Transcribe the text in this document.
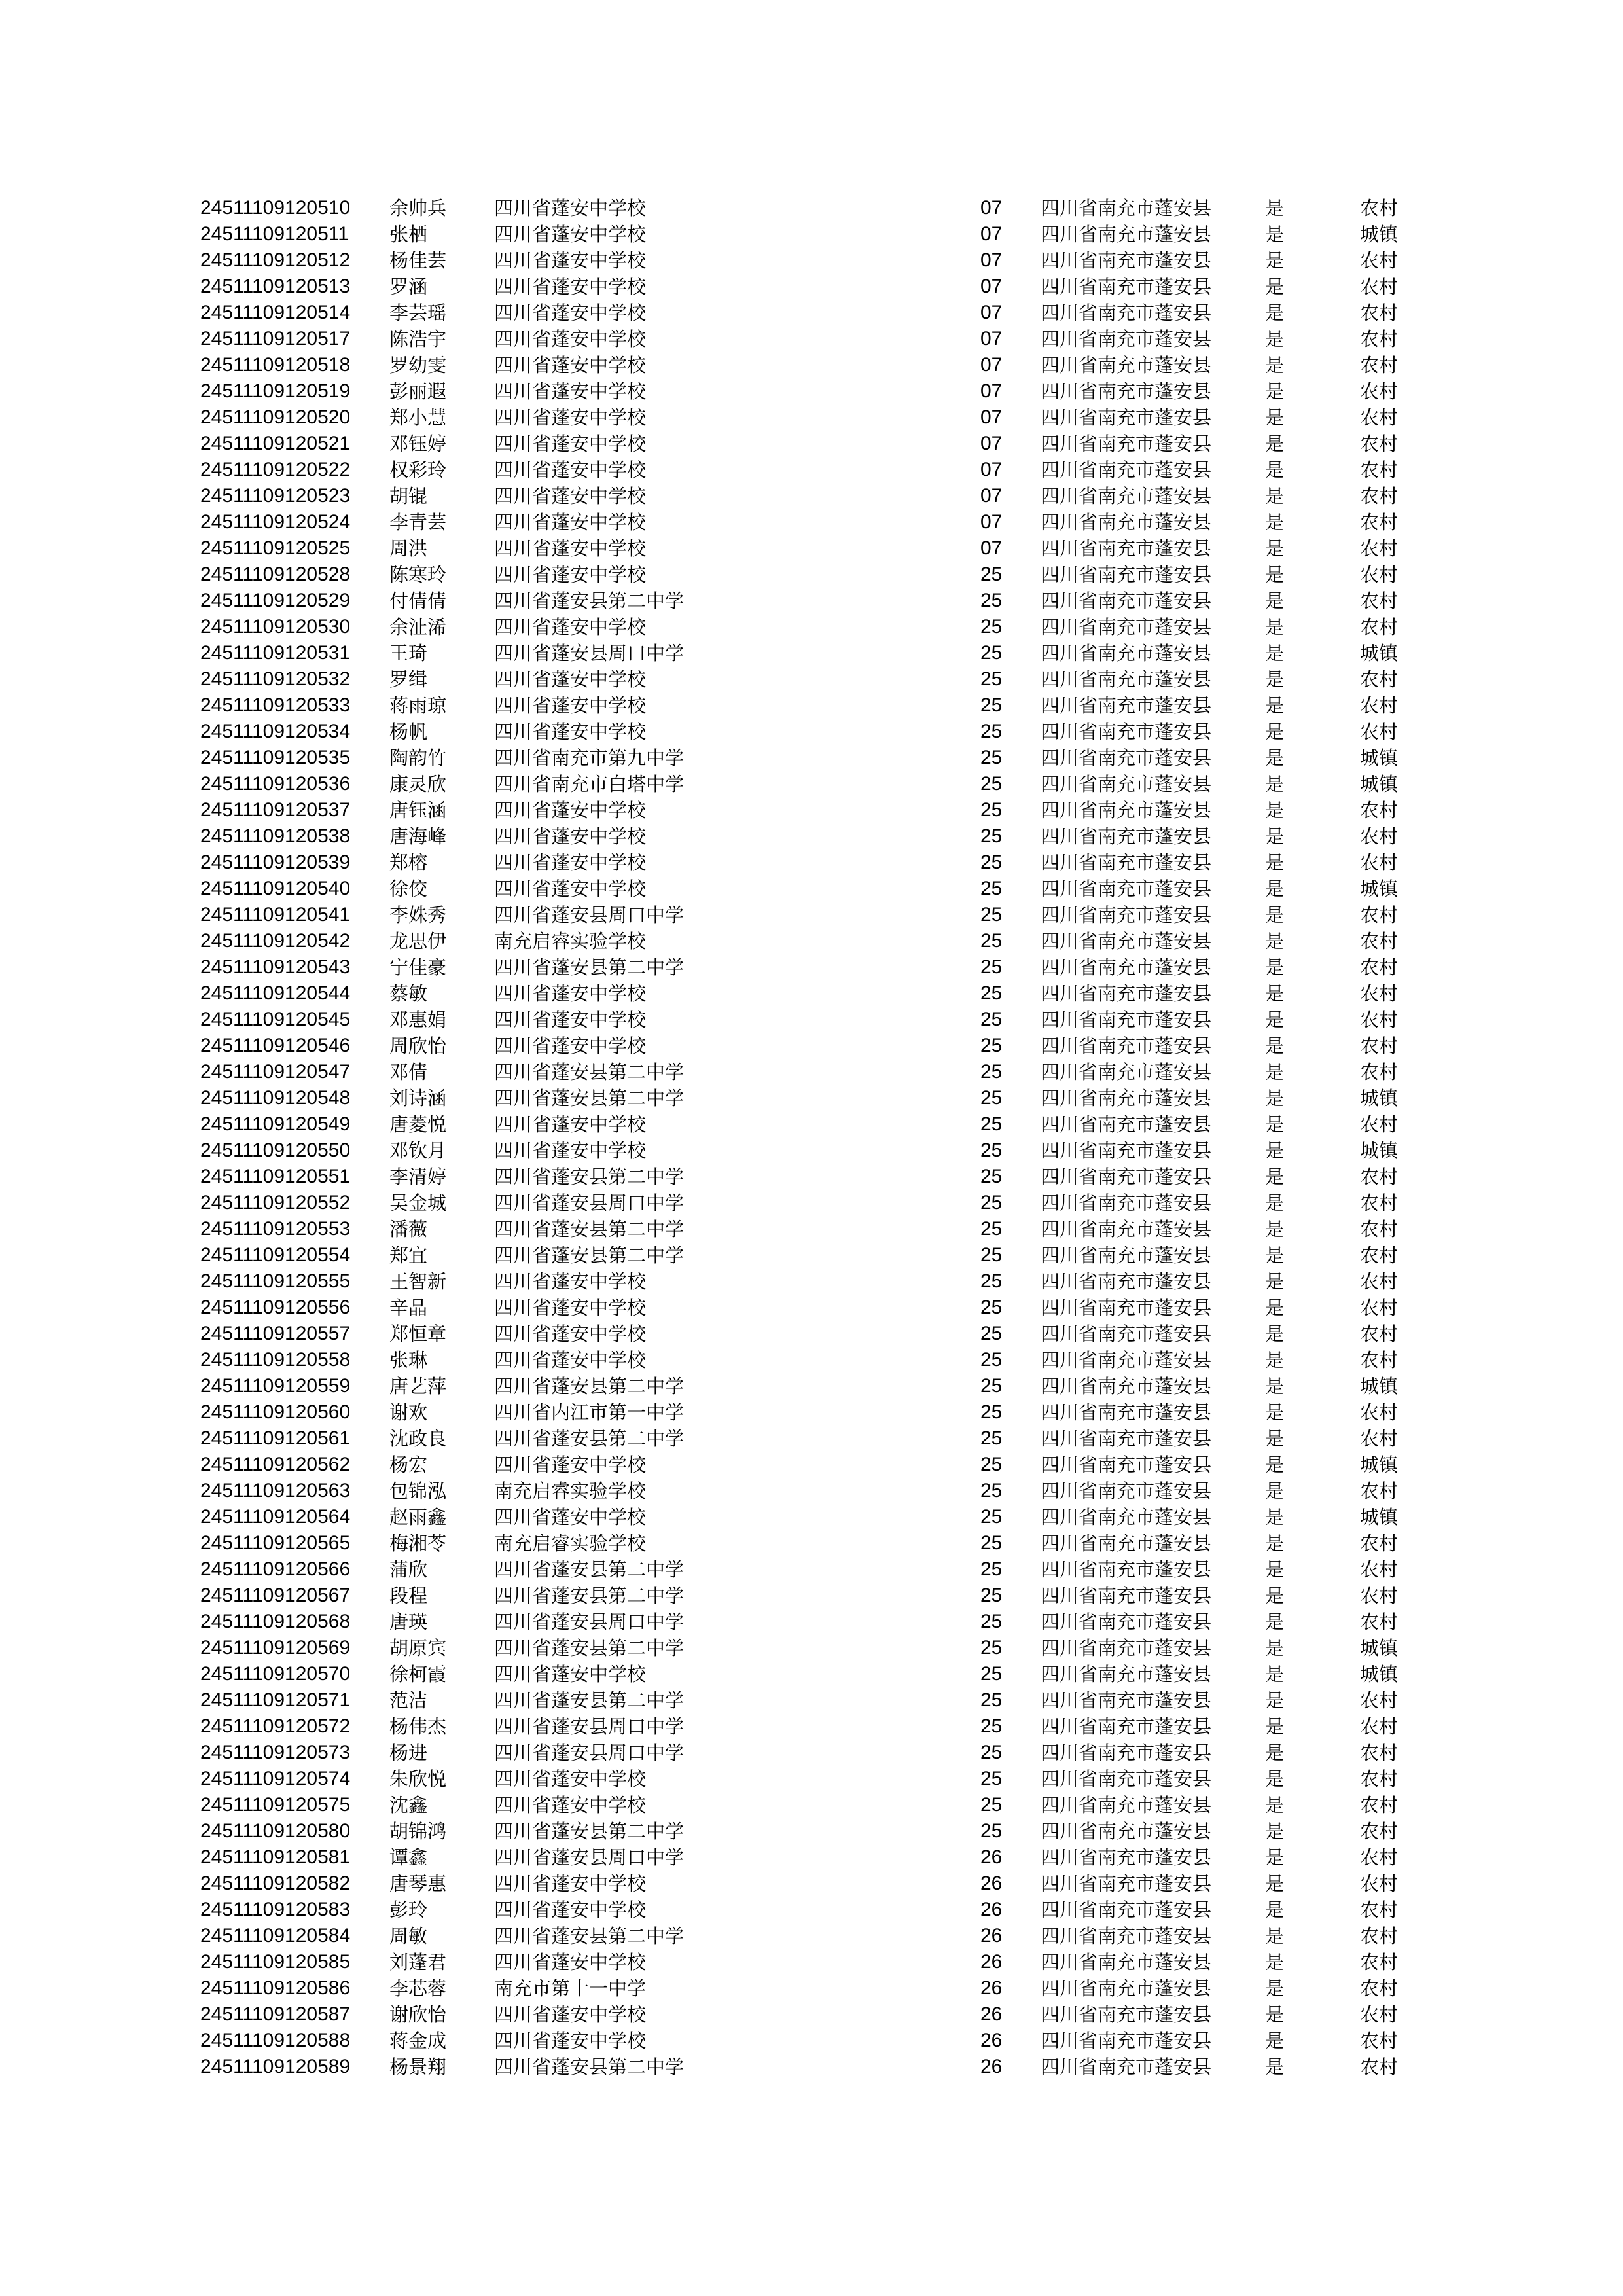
24511109120510 余帅兵	四川省蓬安中学校	07 四川省南充市蓬安县	是	农村
24511109120511 张栖	四川省蓬安中学校	07 四川省南充市蓬安县	是	城镇
24511109120512 杨佳芸	四川省蓬安中学校	07 四川省南充市蓬安县	是	农村
24511109120513 罗涵	四川省蓬安中学校	07 四川省南充市蓬安县	是	农村
24511109120514 李芸瑶	四川省蓬安中学校	07 四川省南充市蓬安县	是	农村
24511109120517 陈浩宇	四川省蓬安中学校	07 四川省南充市蓬安县	是	农村
24511109120518 罗幼雯	四川省蓬安中学校	07 四川省南充市蓬安县	是	农村
24511109120519 彭丽遐	四川省蓬安中学校	07 四川省南充市蓬安县	是	农村
24511109120520 郑小慧	四川省蓬安中学校	07 四川省南充市蓬安县	是	农村
24511109120521 邓钰婷	四川省蓬安中学校	07 四川省南充市蓬安县	是	农村
24511109120522 权彩玲	四川省蓬安中学校	07 四川省南充市蓬安县	是	农村
24511109120523 胡锟	四川省蓬安中学校	07 四川省南充市蓬安县	是	农村
24511109120524 李青芸	四川省蓬安中学校	07 四川省南充市蓬安县	是	农村
24511109120525 周洪	四川省蓬安中学校	07 四川省南充市蓬安县	是	农村
24511109120528 陈寒玲	四川省蓬安中学校	25 四川省南充市蓬安县	是	农村
24511109120529 付倩倩	四川省蓬安县第二中学	25 四川省南充市蓬安县	是	农村
24511109120530 余沚浠	四川省蓬安中学校	25 四川省南充市蓬安县	是	农村
24511109120531 王琦	四川省蓬安县周口中学	25 四川省南充市蓬安县	是	城镇
24511109120532 罗缉	四川省蓬安中学校	25 四川省南充市蓬安县	是	农村
24511109120533 蒋雨琼	四川省蓬安中学校	25 四川省南充市蓬安县	是	农村
24511109120534 杨帆	四川省蓬安中学校	25 四川省南充市蓬安县	是	农村
24511109120535 陶韵竹	四川省南充市第九中学	25 四川省南充市蓬安县	是	城镇
24511109120536 康灵欣	四川省南充市白塔中学	25 四川省南充市蓬安县	是	城镇
24511109120537 唐钰涵	四川省蓬安中学校	25 四川省南充市蓬安县	是	农村
24511109120538 唐海峰	四川省蓬安中学校	25 四川省南充市蓬安县	是	农村
24511109120539 郑榕	四川省蓬安中学校	25 四川省南充市蓬安县	是	农村
24511109120540 徐佼	四川省蓬安中学校	25 四川省南充市蓬安县	是	城镇
24511109120541 李姝秀	四川省蓬安县周口中学	25 四川省南充市蓬安县	是	农村
24511109120542 龙思伊	南充启睿实验学校	25 四川省南充市蓬安县	是	农村
24511109120543 宁佳豪	四川省蓬安县第二中学	25 四川省南充市蓬安县	是	农村
24511109120544 蔡敏	四川省蓬安中学校	25 四川省南充市蓬安县	是	农村
24511109120545 邓惠娟	四川省蓬安中学校	25 四川省南充市蓬安县	是	农村
24511109120546 周欣怡	四川省蓬安中学校	25 四川省南充市蓬安县	是	农村
24511109120547 邓倩	四川省蓬安县第二中学	25 四川省南充市蓬安县	是	农村
24511109120548 刘诗涵	四川省蓬安县第二中学	25 四川省南充市蓬安县	是	城镇
24511109120549 唐菱悦	四川省蓬安中学校	25 四川省南充市蓬安县	是	农村
24511109120550 邓钦月	四川省蓬安中学校	25 四川省南充市蓬安县	是	城镇
24511109120551 李清婷	四川省蓬安县第二中学	25 四川省南充市蓬安县	是	农村
24511109120552 吴金城	四川省蓬安县周口中学	25 四川省南充市蓬安县	是	农村
24511109120553 潘薇	四川省蓬安县第二中学	25 四川省南充市蓬安县	是	农村
24511109120554 郑宜	四川省蓬安县第二中学	25 四川省南充市蓬安县	是	农村
24511109120555 王智新	四川省蓬安中学校	25 四川省南充市蓬安县	是	农村
24511109120556 辛晶	四川省蓬安中学校	25 四川省南充市蓬安县	是	农村
24511109120557 郑恒章	四川省蓬安中学校	25 四川省南充市蓬安县	是	农村
24511109120558 张琳	四川省蓬安中学校	25 四川省南充市蓬安县	是	农村
24511109120559 唐艺萍	四川省蓬安县第二中学	25 四川省南充市蓬安县	是	城镇
24511109120560 谢欢	四川省内江市第一中学	25 四川省南充市蓬安县	是	农村
24511109120561 沈政良	四川省蓬安县第二中学	25 四川省南充市蓬安县	是	农村
24511109120562 杨宏	四川省蓬安中学校	25 四川省南充市蓬安县	是	城镇
24511109120563 包锦泓	南充启睿实验学校	25 四川省南充市蓬安县	是	农村
24511109120564 赵雨鑫	四川省蓬安中学校	25 四川省南充市蓬安县	是	城镇
24511109120565 梅湘苓	南充启睿实验学校	25 四川省南充市蓬安县	是	农村
24511109120566 蒲欣	四川省蓬安县第二中学	25 四川省南充市蓬安县	是	农村
24511109120567 段程	四川省蓬安县第二中学	25 四川省南充市蓬安县	是	农村
24511109120568 唐瑛	四川省蓬安县周口中学	25 四川省南充市蓬安县	是	农村
24511109120569 胡原宾	四川省蓬安县第二中学	25 四川省南充市蓬安县	是	城镇
24511109120570 徐柯霞	四川省蓬安中学校	25 四川省南充市蓬安县	是	城镇
24511109120571 范洁	四川省蓬安县第二中学	25 四川省南充市蓬安县	是	农村
24511109120572 杨伟杰	四川省蓬安县周口中学	25 四川省南充市蓬安县	是	农村
24511109120573 杨进	四川省蓬安县周口中学	25 四川省南充市蓬安县	是	农村
24511109120574 朱欣悦	四川省蓬安中学校	25 四川省南充市蓬安县	是	农村
24511109120575 沈鑫	四川省蓬安中学校	25 四川省南充市蓬安县	是	农村
24511109120580 胡锦鸿	四川省蓬安县第二中学	25 四川省南充市蓬安县	是	农村
24511109120581 谭鑫	四川省蓬安县周口中学	26 四川省南充市蓬安县	是	农村
24511109120582 唐琴惠	四川省蓬安中学校	26 四川省南充市蓬安县	是	农村
24511109120583 彭玲	四川省蓬安中学校	26 四川省南充市蓬安县	是	农村
24511109120584 周敏	四川省蓬安县第二中学	26 四川省南充市蓬安县	是	农村
24511109120585 刘蓬君	四川省蓬安中学校	26 四川省南充市蓬安县	是	农村
24511109120586 李芯蓉	南充市第十一中学	26 四川省南充市蓬安县	是	农村
24511109120587 谢欣怡	四川省蓬安中学校	26 四川省南充市蓬安县	是	农村
24511109120588 蒋金成	四川省蓬安中学校	26 四川省南充市蓬安县	是	农村
24511109120589 杨景翔	四川省蓬安县第二中学	26 四川省南充市蓬安县	是	农村
